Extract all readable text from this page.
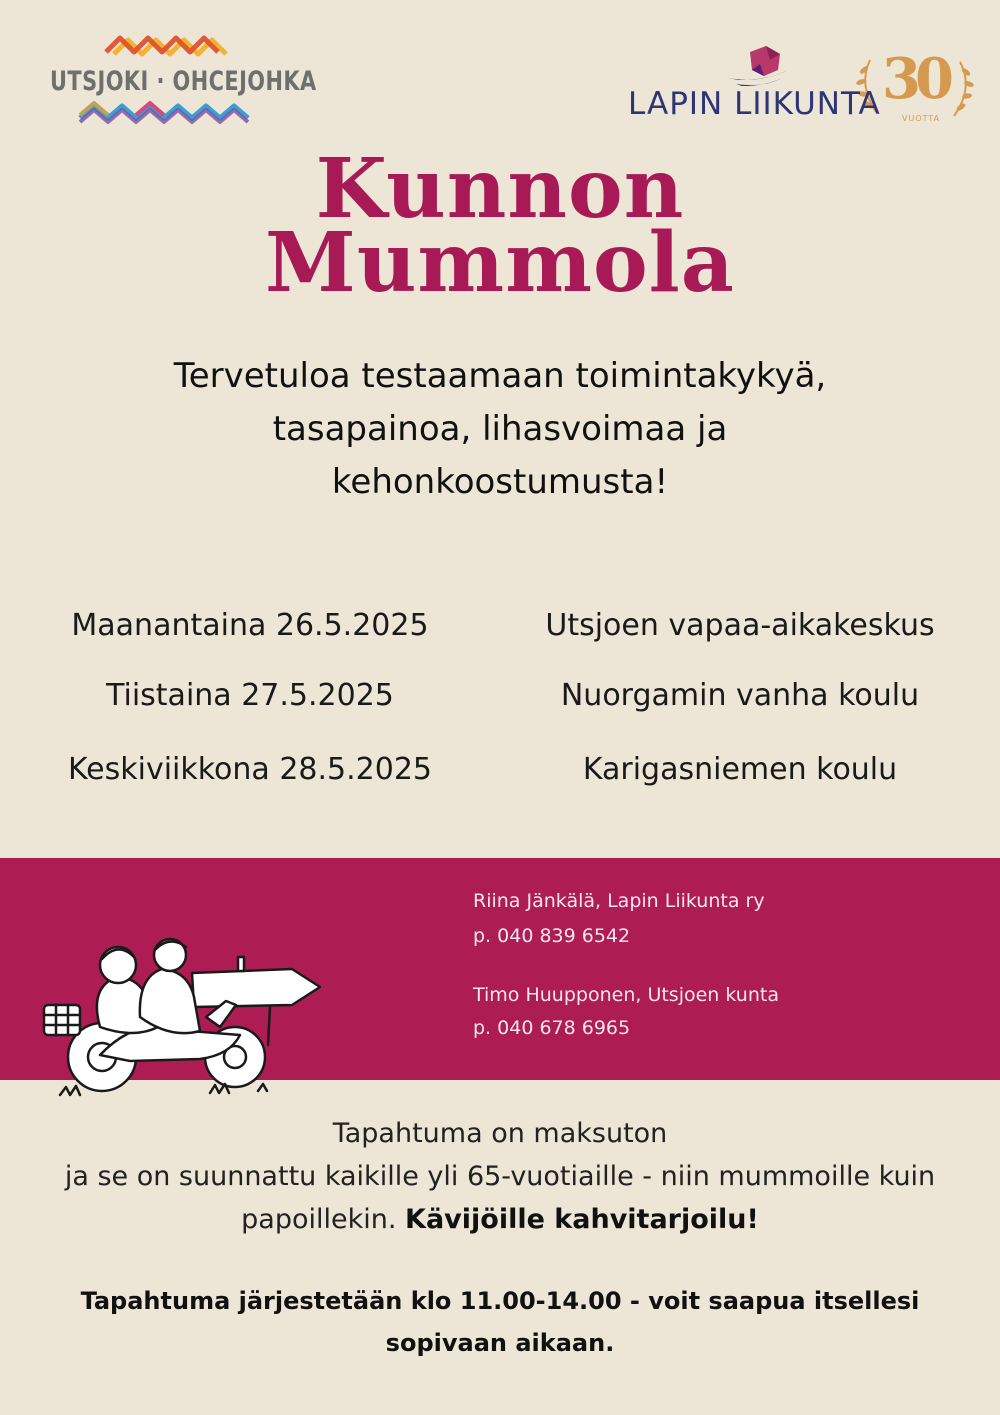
UTSJOKI · OHCEJOHKA
LAPIN LIIKUNTA 30
VUOTTA
Kunnon
Mummola
Tervetuloa testaamaan toimintakykyä,
tasapainoa, lihasvoimaa ja
kehonkoostumusta!
Maanantaina 26.5.2025	Utsjoen vapaa-aikakeskus
Tiistaina 27.5.2025	Nuorgamin vanha koulu
Keskiviikkona 28.5.2025	Karigasniemen koulu
Riina Jänkälä, Lapin Liikunta ry
p. 040 839 6542
Timo Huupponen, Utsjoen kunta
p. 040 678 6965
Tapahtuma on maksuton
ja se on suunnattu kaikille yli 65-vuotiaille - niin mummoille kuin
papoillekin. Kävijöille kahvitarjoilu!
Tapahtuma järjestetään klo 11.00-14.00 - voit saapua itsellesi
sopivaan aikaan.
